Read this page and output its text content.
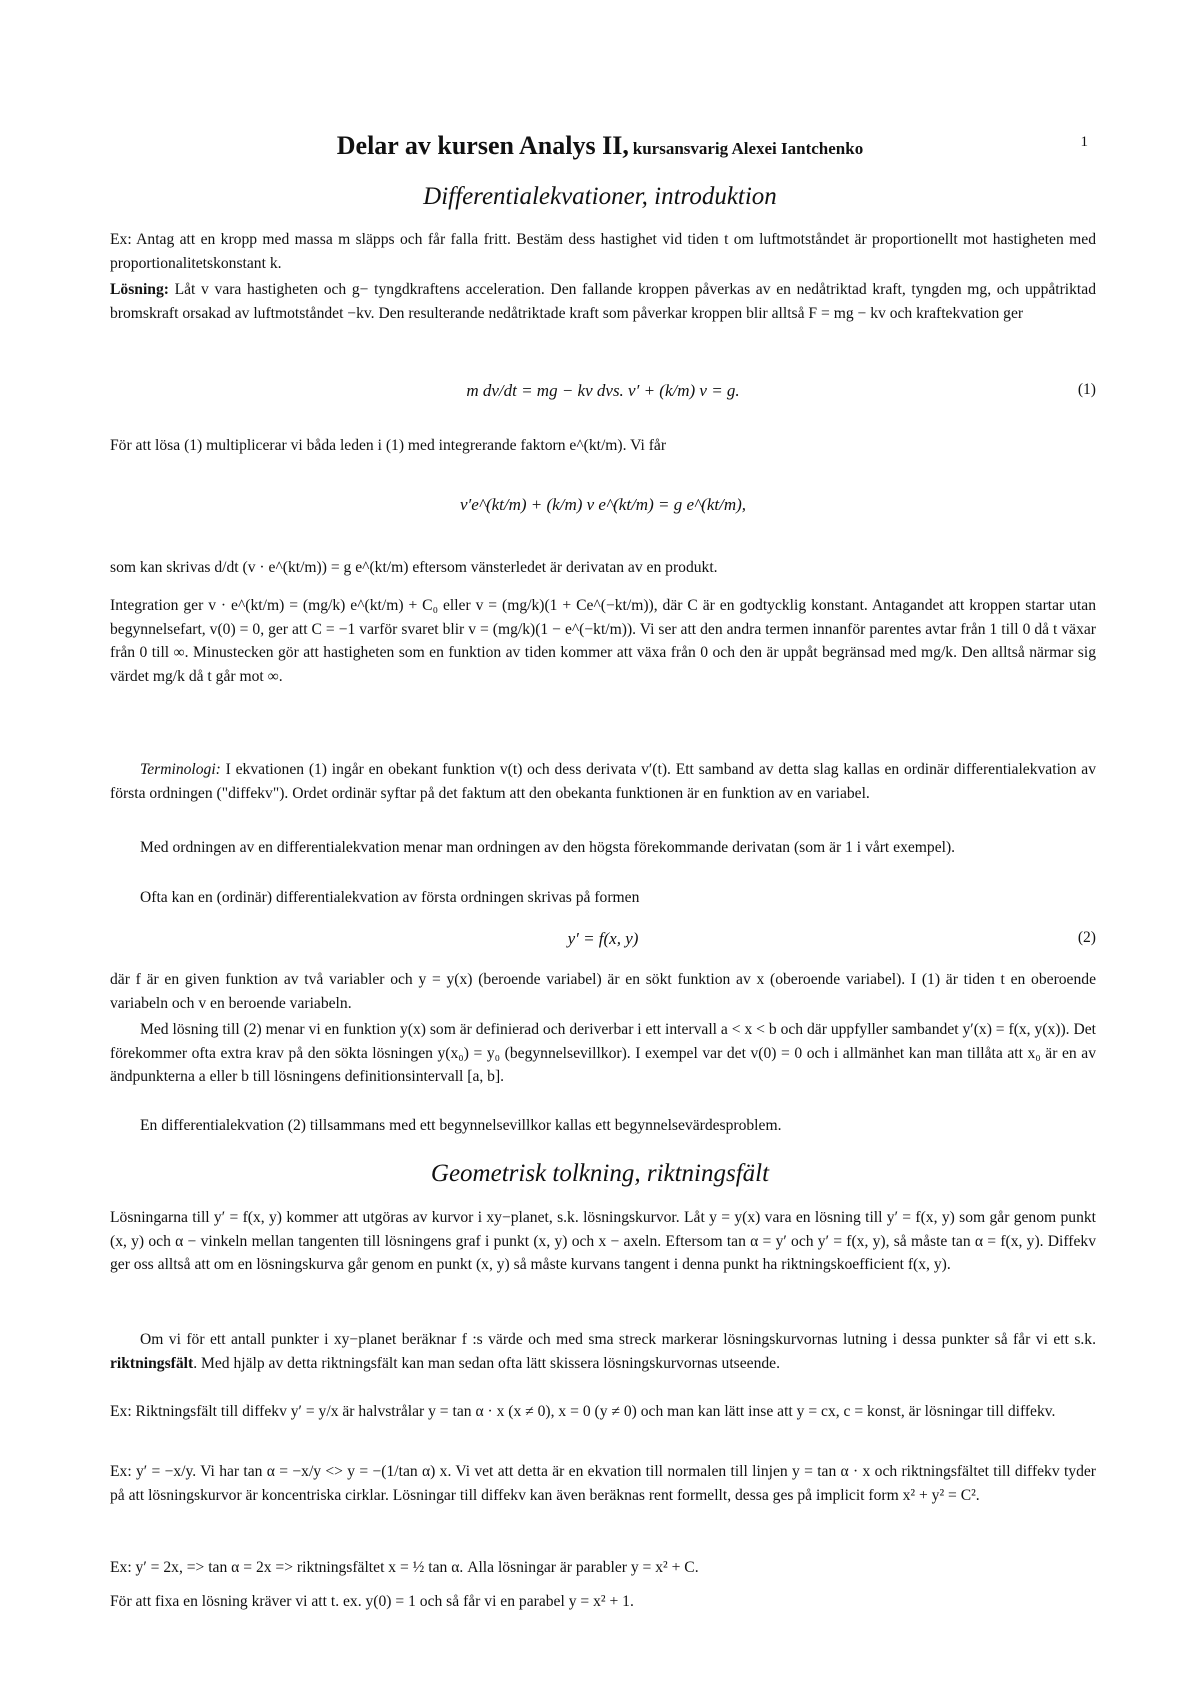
1
Delar av kursen Analys II, kursansvarig Alexei Iantchenko
Differentialekvationer, introduktion

Ex: Antag att en kropp med massa m släpps och får falla fritt. Bestäm dess hastighet vid tiden t om luftmotståndet är proportionellt mot hastigheten med proportionalitetskonstant k.

Lösning: Låt v vara hastigheten och g− tyngdkraftens acceleration. Den fallande kroppen påverkas av en nedåtriktad kraft, tyngden mg, och uppåtriktad bromskraft orsakad av luftmotståndet −kv. Den resulterande nedåtriktade kraft som påverkar kroppen blir alltså F = mg − kv och kraftekvation ger

m dv/dt = mg − kv dvs. v′ + (k/m) v = g.	(1)

För att lösa (1) multiplicerar vi båda leden i (1) med integrerande faktorn e^(kt/m). Vi får

v′e^(kt/m) + (k/m) v e^(kt/m) = g e^(kt/m),

som kan skrivas d/dt (v · e^(kt/m)) = g e^(kt/m) eftersom vänsterledet är derivatan av en produkt.

Integration ger v · e^(kt/m) = (mg/k) e^(kt/m) + C₀ eller v = (mg/k)(1 + Ce^(−kt/m)), där C är en godtycklig konstant. Antagandet att kroppen startar utan begynnelsefart, v(0) = 0, ger att C = −1 varför svaret blir v = (mg/k)(1 − e^(−kt/m)). Vi ser att den andra termen innanför parentes avtar från 1 till 0 då t växar från 0 till ∞. Minustecken gör att hastigheten som en funktion av tiden kommer att växa från 0 och den är uppåt begränsad med mg/k. Den alltså närmar sig värdet mg/k då t går mot ∞.

Terminologi: I ekvationen (1) ingår en obekant funktion v(t) och dess derivata v′(t). Ett samband av detta slag kallas en ordinär differentialekvation av första ordningen ("diffekv"). Ordet ordinär syftar på det faktum att den obekanta funktionen är en funktion av en variabel.

Med ordningen av en differentialekvation menar man ordningen av den högsta förekommande derivatan (som är 1 i vårt exempel).

Ofta kan en (ordinär) differentialekvation av första ordningen skrivas på formen

y′ = f(x, y)	(2)

där f är en given funktion av två variabler och y = y(x) (beroende variabel) är en sökt funktion av x (oberoende variabel). I (1) är tiden t en oberoende variabeln och v en beroende variabeln.

Med lösning till (2) menar vi en funktion y(x) som är definierad och deriverbar i ett intervall a < x < b och där uppfyller sambandet y′(x) = f(x, y(x)). Det förekommer ofta extra krav på den sökta lösningen y(x₀) = y₀ (begynnelsevillkor). I exempel var det v(0) = 0 och i allmänhet kan man tillåta att x₀ är en av ändpunkterna a eller b till lösningens definitionsintervall [a, b].

En differentialekvation (2) tillsammans med ett begynnelsevillkor kallas ett begynnelsevärdesproblem.

Geometrisk tolkning, riktningsfält

Lösningarna till y′ = f(x, y) kommer att utgöras av kurvor i xy−planet, s.k. lösningskurvor. Låt y = y(x) vara en lösning till y′ = f(x, y) som går genom punkt (x, y) och α − vinkeln mellan tangenten till lösningens graf i punkt (x, y) och x − axeln. Eftersom tan α = y′ och y′ = f(x, y), så måste tan α = f(x, y). Diffekv ger oss alltså att om en lösningskurva går genom en punkt (x, y) så måste kurvans tangent i denna punkt ha riktningskoefficient f(x, y).

Om vi för ett antall punkter i xy−planet beräknar f :s värde och med sma streck markerar lösningskurvornas lutning i dessa punkter så får vi ett s.k. riktningsfält. Med hjälp av detta riktningsfält kan man sedan ofta lätt skissera lösningskurvornas utseende.

Ex: Riktningsfält till diffekv y′ = y/x är halvstrålar y = tan α · x (x ≠ 0), x = 0 (y ≠ 0) och man kan lätt inse att y = cx, c = konst, är lösningar till diffekv.

Ex: y′ = −x/y. Vi har tan α = −x/y <> y = −(1/tan α) x. Vi vet att detta är en ekvation till normalen till linjen y = tan α · x och riktningsfältet till diffekv tyder på att lösningskurvor är koncentriska cirklar. Lösningar till diffekv kan även beräknas rent formellt, dessa ges på implicit form x² + y² = C².

Ex: y′ = 2x, => tan α = 2x => riktningsfältet x = ½ tan α. Alla lösningar är parabler y = x² + C.

För att fixa en lösning kräver vi att t. ex. y(0) = 1 och så får vi en parabel y = x² + 1.
